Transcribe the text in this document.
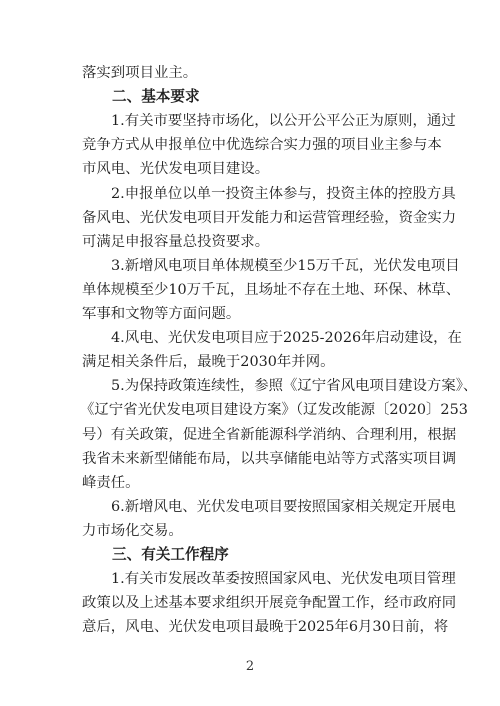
落实到项目业主。

二、基本要求

1.有关市要坚持市场化，以公开公平公正为原则，通过

竞争方式从申报单位中优选综合实力强的项目业主参与本

市风电、光伏发电项目建设。

2.申报单位以单一投资主体参与，投资主体的控股方具

备风电、光伏发电项目开发能力和运营管理经验，资金实力

可满足申报容量总投资要求。

3.新增风电项目单体规模至少15万千瓦，光伏发电项目

单体规模至少10万千瓦，且场址不存在土地、环保、林草、

军事和文物等方面问题。

4.风电、光伏发电项目应于2025-2026年启动建设，在

满足相关条件后，最晚于2030年并网。

5.为保持政策连续性，参照《辽宁省风电项目建设方案》、

《辽宁省光伏发电项目建设方案》（辽发改能源〔2020〕253

号）有关政策，促进全省新能源科学消纳、合理利用，根据

我省未来新型储能布局，以共享储能电站等方式落实项目调

峰责任。

6.新增风电、光伏发电项目要按照国家相关规定开展电

力市场化交易。

三、有关工作程序

1.有关市发展改革委按照国家风电、光伏发电项目管理

政策以及上述基本要求组织开展竞争配置工作，经市政府同

意后，风电、光伏发电项目最晚于2025年6月30日前，将

2
